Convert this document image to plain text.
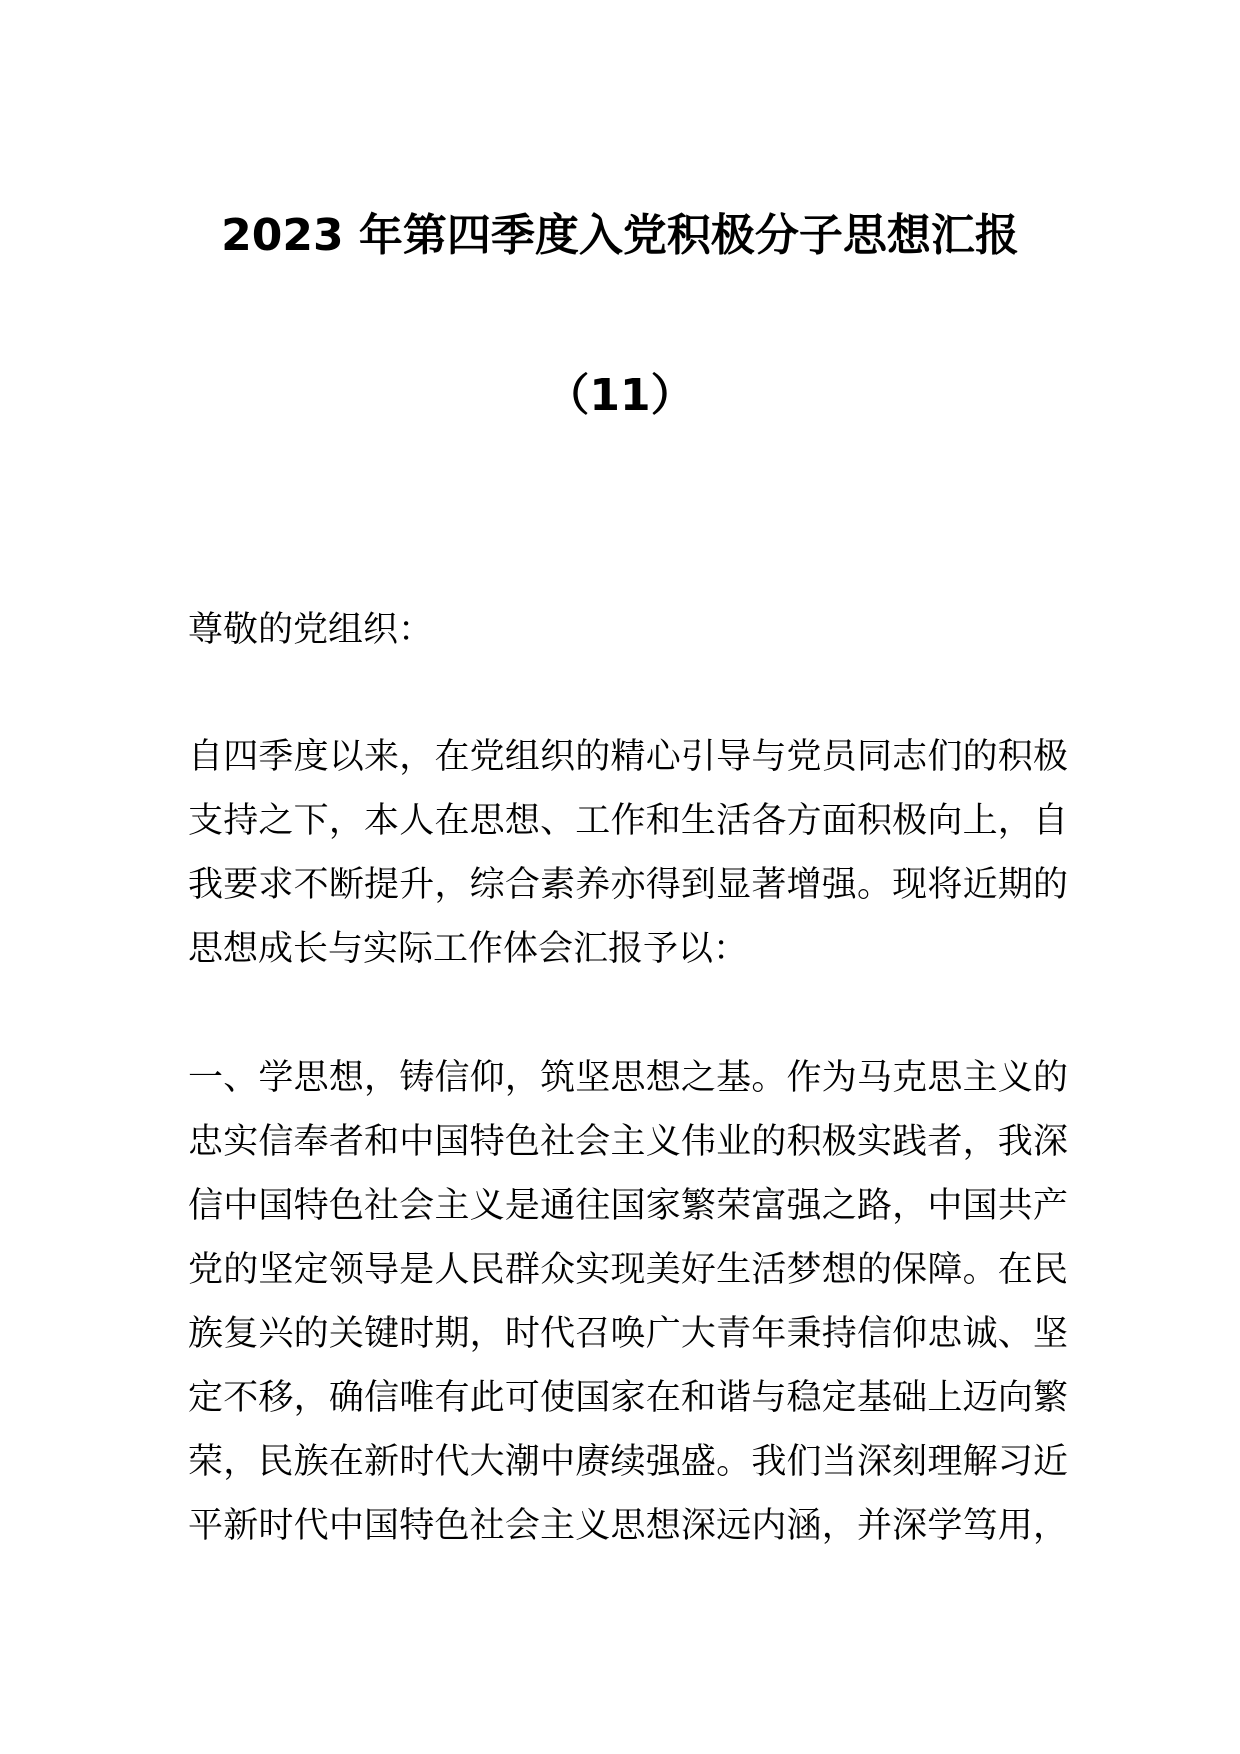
2023 年第四季度入党积极分子思想汇报
（11）
尊敬的党组织：
自四季度以来，在党组织的精心引导与党员同志们的积极
支持之下，本人在思想、工作和生活各方面积极向上，自
我要求不断提升，综合素养亦得到显著增强。现将近期的
思想成长与实际工作体会汇报予以：
一、学思想，铸信仰，筑坚思想之基。作为马克思主义的
忠实信奉者和中国特色社会主义伟业的积极实践者，我深
信中国特色社会主义是通往国家繁荣富强之路，中国共产
党的坚定领导是人民群众实现美好生活梦想的保障。在民
族复兴的关键时期，时代召唤广大青年秉持信仰忠诚、坚
定不移，确信唯有此可使国家在和谐与稳定基础上迈向繁
荣，民族在新时代大潮中赓续强盛。我们当深刻理解习近
平新时代中国特色社会主义思想深远内涵，并深学笃用，
